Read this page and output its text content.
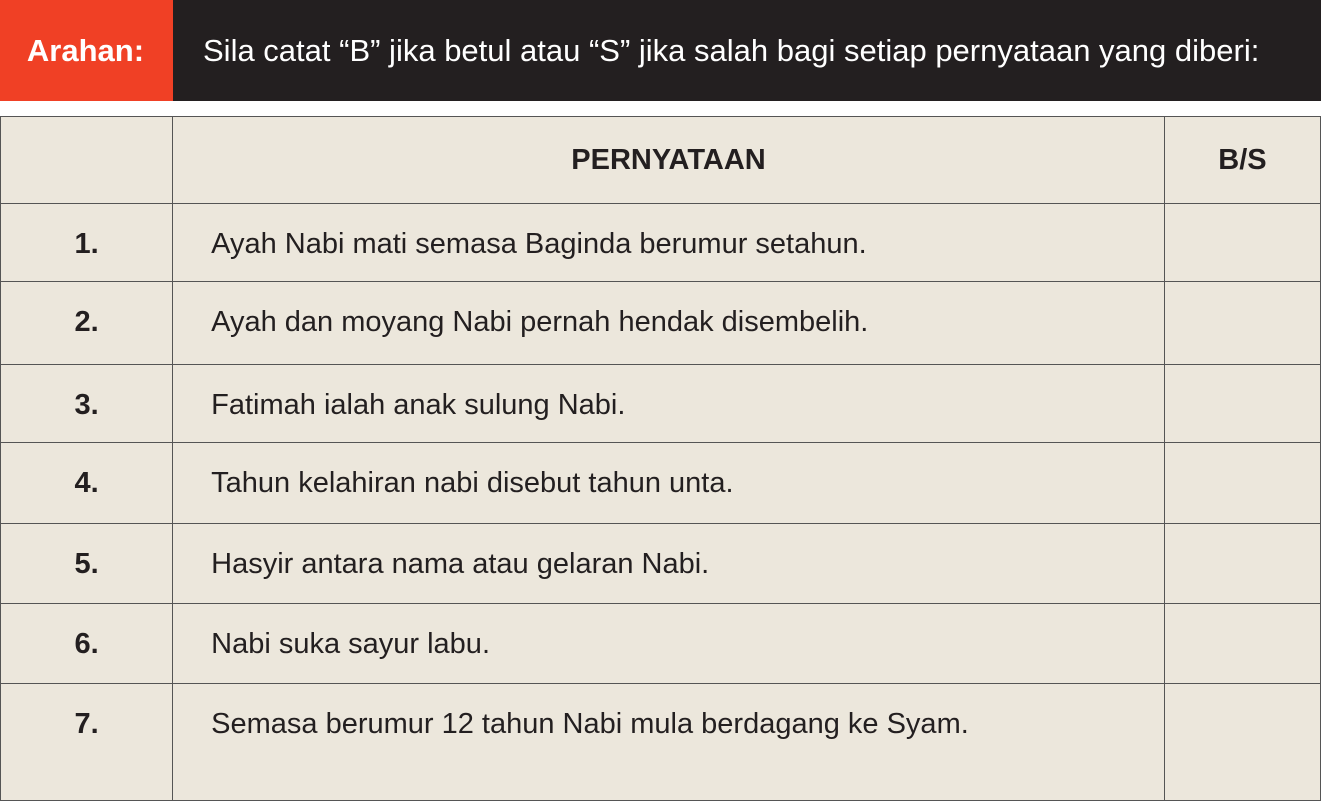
Arahan:	Sila catat “B” jika betul atau “S” jika salah bagi setiap pernyataan yang diberi:
	PERNYATAAN	B/S
1.	Ayah Nabi mati semasa Baginda berumur setahun.	
2.	Ayah dan moyang Nabi pernah hendak disembelih.	
3.	Fatimah ialah anak sulung Nabi.	
4.	Tahun kelahiran nabi disebut tahun unta.	
5.	Hasyir antara nama atau gelaran Nabi.	
6.	Nabi suka sayur labu.	
7.	Semasa berumur 12 tahun Nabi mula berdagang ke Syam.	
